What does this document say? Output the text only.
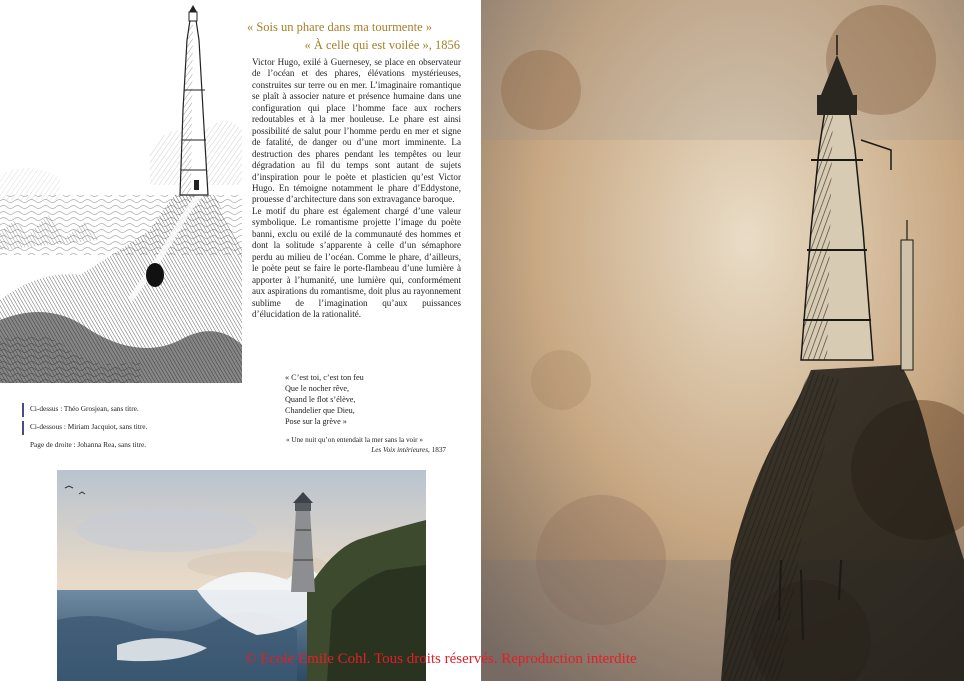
« Sois un phare dans ma tourmente »
« À celle qui est voilée », 1856

Victor Hugo, exilé à Guernesey, se place en observateur de l’océan et des phares, élévations mystérieuses, construites sur terre ou en mer. L’imaginaire romantique se plaît à associer nature et présence humaine dans une configuration qui place l’homme face aux rochers redoutables et à la mer houleuse. Le phare est ainsi possibilité de salut pour l’homme perdu en mer et signe de fatalité, de danger ou d’une mort imminente. La destruction des phares pendant les tempêtes ou leur dégradation au fil du temps sont autant de sujets d’inspiration pour le poète et plasticien qu’est Victor Hugo. En témoigne notamment le phare d’Eddystone, prouesse d’architecture dans son extravagance baroque.

Le motif du phare est également chargé d’une valeur symbolique. Le romantisme projette l’image du poète banni, exclu ou exilé de la communauté des hommes et dont la solitude s’apparente à celle d’un sémaphore perdu au milieu de l’océan. Comme le phare, d’ailleurs, le poète peut se faire le porte-flambeau d’une lumière à apporter à l’humanité, une lumière qui, conformément aux aspirations du romantisme, doit plus au rayonnement sublime de l’imagination qu’aux puissances d’élucidation de la rationalité.

« C’est toi, c’est ton feu
Que le nocher rêve,
Quand le flot s’élève,
Chandelier que Dieu,
Pose sur la grève »
« Une nuit qu’on entendait la mer sans la voir »
Les Voix intérieures, 1837
Ci-dessus : Théo Grosjean, sans titre.
Ci-dessous : Miriam Jacquiot, sans titre.
Page de droite : Johanna Rea, sans titre.
© Ecole Emile Cohl. Tous droits réservés. Reproduction interdite
